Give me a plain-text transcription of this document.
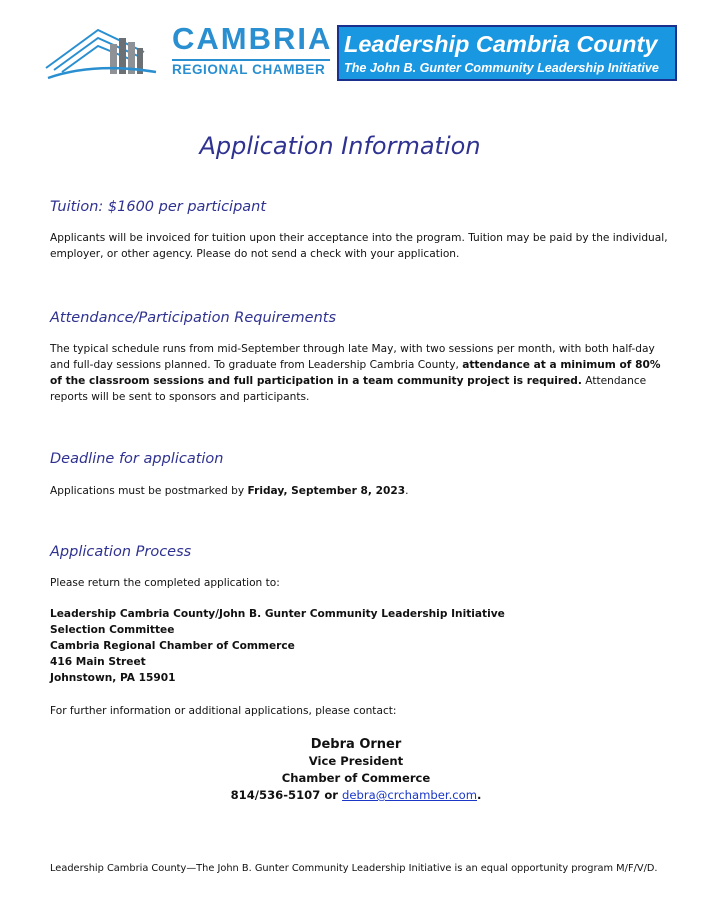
CAMBRIA
REGIONAL CHAMBER
Leadership Cambria County
The John B. Gunter Community Leadership Initiative
Application Information
Tuition: $1600 per participant
Applicants will be invoiced for tuition upon their acceptance into the program. Tuition may be paid by the individual, employer, or other agency. Please do not send a check with your application.
Attendance/Participation Requirements
The typical schedule runs from mid-September through late May, with two sessions per month, with both half-day and full-day sessions planned. To graduate from Leadership Cambria County, attendance at a minimum of 80% of the classroom sessions and full participation in a team community project is required. Attendance reports will be sent to sponsors and participants.
Deadline for application
Applications must be postmarked by Friday, September 8, 2023.
Application Process
Please return the completed application to:
Leadership Cambria County/John B. Gunter Community Leadership Initiative
Selection Committee
Cambria Regional Chamber of Commerce
416 Main Street
Johnstown, PA 15901
For further information or additional applications, please contact:
Debra Orner
Vice President
Chamber of Commerce
814/536-5107 or debra@crchamber.com.
Leadership Cambria County—The John B. Gunter Community Leadership Initiative is an equal opportunity program M/F/V/D.
